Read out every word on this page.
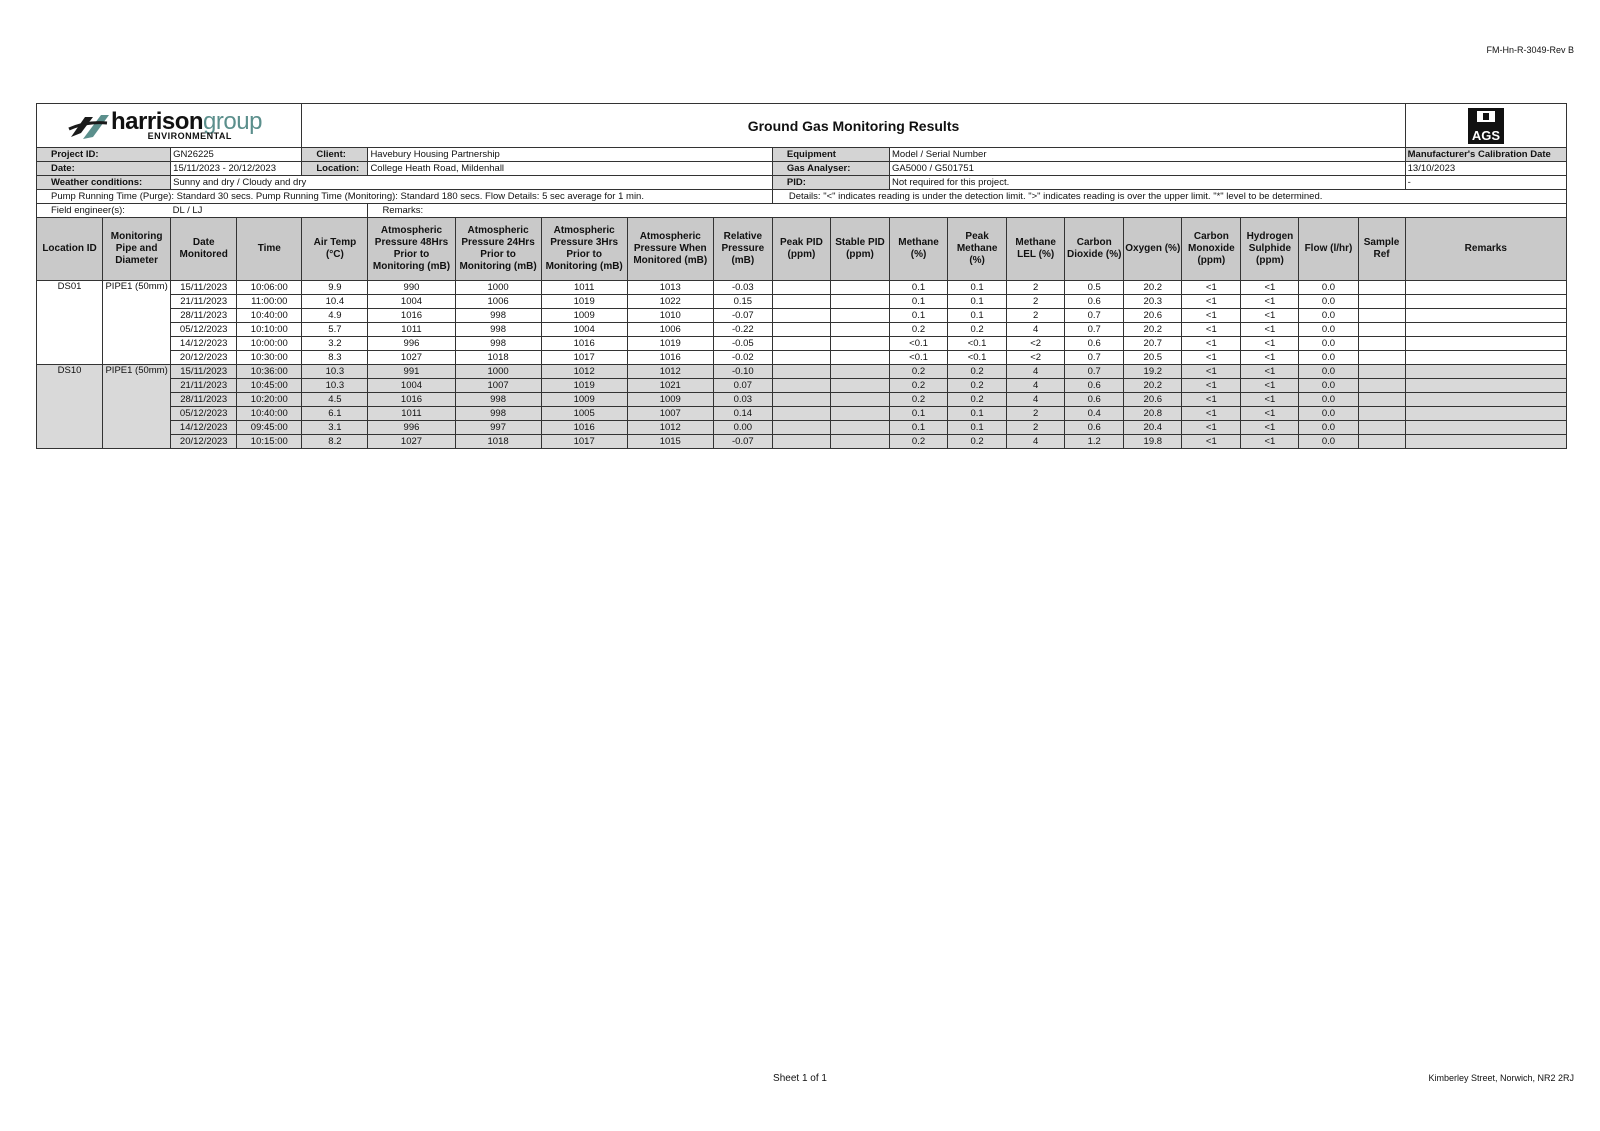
FM-Hn-R-3049-Rev B
harrisongroup
ENVIRONMENTAL				Ground Gas Monitoring Results																	AGS

Project ID:		GN26225		Client:	Havebury Housing Partnership					Equipment		Model / Serial Number									Manufacturer's Calibration Date
Date:		15/11/2023 - 20/12/2023		Location:	College Heath Road, Mildenhall					Gas Analyser:		GA5000 / G501751									13/10/2023
Weather conditions:		Sunny and dry / Cloudy and dry								PID:		Not required for this project.									-
Pump Running Time (Purge): Standard 30 secs. Pump Running Time (Monitoring): Standard 180 secs. Flow Details: 5 sec average for 1 min.										Details: "<" indicates reading is under the detection limit. ">" indicates reading is over the upper limit. "*" level to be determined.											
Field engineer(s):		DL / LJ			Remarks:																
Location ID	Monitoring Pipe and Diameter	Date Monitored	Time	Air Temp (°C)	Atmospheric Pressure 48Hrs Prior to Monitoring (mB)	Atmospheric Pressure 24Hrs Prior to Monitoring (mB)	Atmospheric Pressure 3Hrs Prior to Monitoring (mB)	Atmospheric Pressure When Monitored (mB)	Relative Pressure (mB)	Peak PID (ppm)	Stable PID (ppm)	Methane (%)	Peak Methane (%)	Methane LEL (%)	Carbon Dioxide (%)	Oxygen (%)	Carbon Monoxide (ppm)	Hydrogen Sulphide (ppm)	Flow (l/hr)	Sample Ref	Remarks
DS01	PIPE1 (50mm)	15/11/2023	10:06:00	9.9	990	1000	1011	1013	-0.03			0.1	0.1	2	0.5	20.2	<1	<1	0.0		
		21/11/2023	11:00:00	10.4	1004	1006	1019	1022	0.15			0.1	0.1	2	0.6	20.3	<1	<1	0.0		
		28/11/2023	10:40:00	4.9	1016	998	1009	1010	-0.07			0.1	0.1	2	0.7	20.6	<1	<1	0.0		
		05/12/2023	10:10:00	5.7	1011	998	1004	1006	-0.22			0.2	0.2	4	0.7	20.2	<1	<1	0.0		
		14/12/2023	10:00:00	3.2	996	998	1016	1019	-0.05			<0.1	<0.1	<2	0.6	20.7	<1	<1	0.0		
		20/12/2023	10:30:00	8.3	1027	1018	1017	1016	-0.02			<0.1	<0.1	<2	0.7	20.5	<1	<1	0.0		
DS10	PIPE1 (50mm)	15/11/2023	10:36:00	10.3	991	1000	1012	1012	-0.10			0.2	0.2	4	0.7	19.2	<1	<1	0.0		
		21/11/2023	10:45:00	10.3	1004	1007	1019	1021	0.07			0.2	0.2	4	0.6	20.2	<1	<1	0.0		
		28/11/2023	10:20:00	4.5	1016	998	1009	1009	0.03			0.2	0.2	4	0.6	20.6	<1	<1	0.0		
		05/12/2023	10:40:00	6.1	1011	998	1005	1007	0.14			0.1	0.1	2	0.4	20.8	<1	<1	0.0		
		14/12/2023	09:45:00	3.1	996	997	1016	1012	0.00			0.1	0.1	2	0.6	20.4	<1	<1	0.0		
		20/12/2023	10:15:00	8.2	1027	1018	1017	1015	-0.07			0.2	0.2	4	1.2	19.8	<1	<1	0.0		
Sheet 1 of 1	Kimberley Street, Norwich, NR2 2RJ
